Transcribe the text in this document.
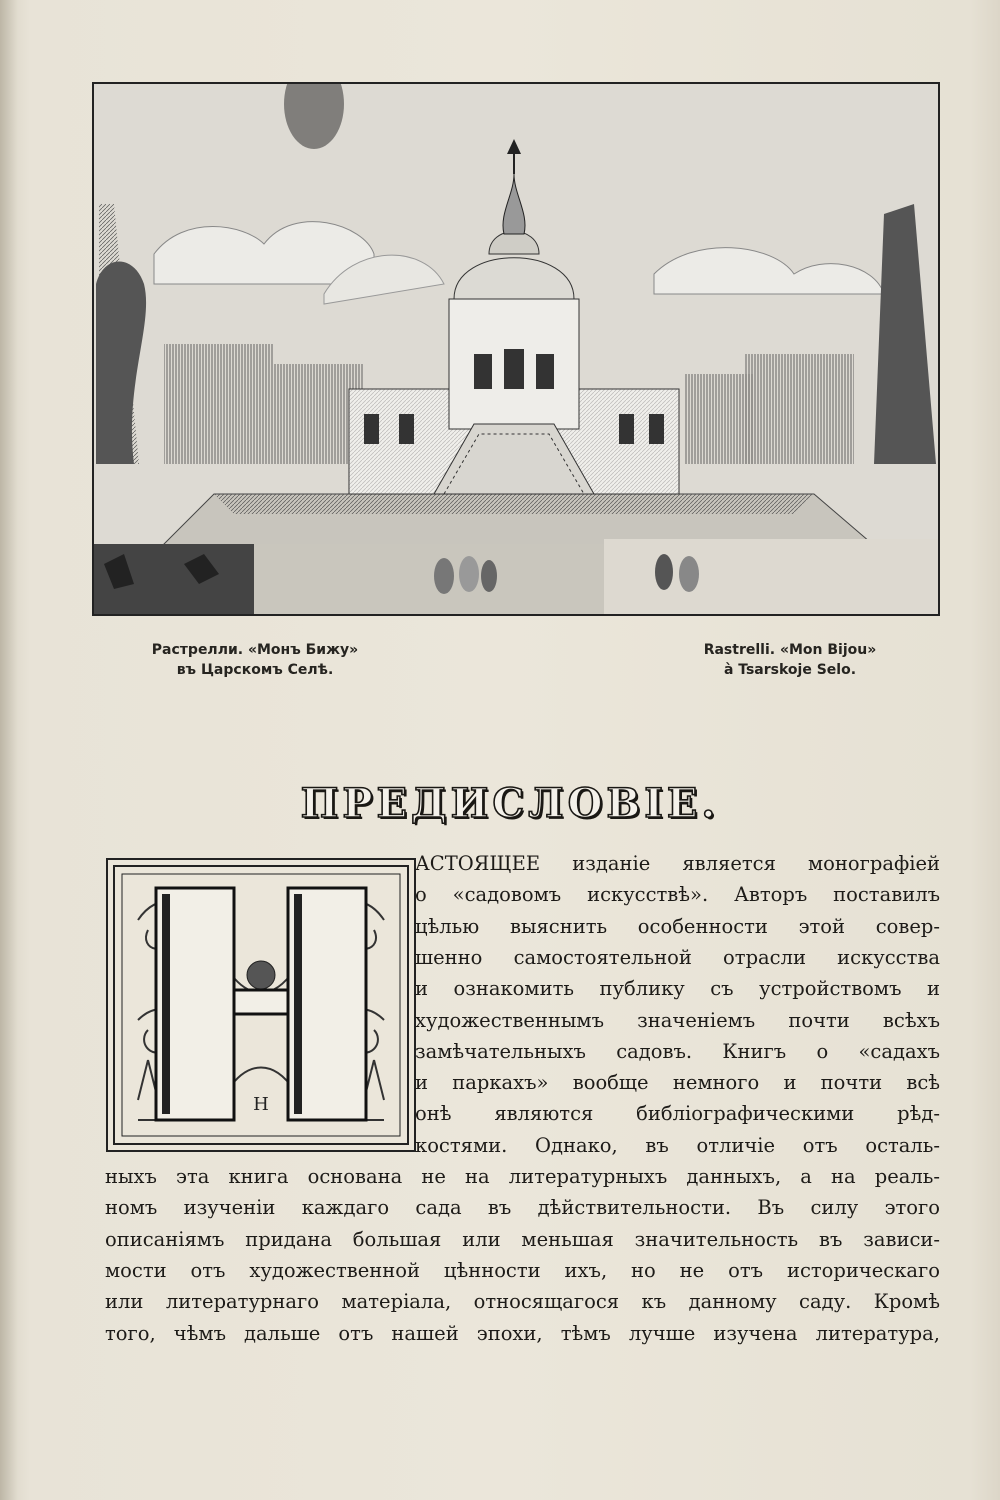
Растрелли. «Монъ Бижу»
въ Царскомъ Селѣ.
Rastrelli. «Mon Bijou»
à Tsarskoje Selo.
ПРЕДИСЛОВІЕ.
Н
АСТОЯЩЕЕ изданіе является монографіей
о «садовомъ искусствѣ». Авторъ поставилъ
цѣлью выяснить особенности этой совер-
шенно самостоятельной отрасли искусства
и ознакомить публику съ устройствомъ и
художественнымъ значеніемъ почти всѣхъ
замѣчательныхъ садовъ. Книгъ о «садахъ
и паркахъ» вообще немного и почти всѣ
онѣ являются библіографическими рѣд-
костями. Однако, въ отличіе отъ осталь-
ныхъ эта книга основана не на литературныхъ данныхъ, а на реаль-
номъ изученіи каждаго сада въ дѣйствительности. Въ силу этого
описаніямъ придана большая или меньшая значительность въ зависи-
мости отъ художественной цѣнности ихъ, но не отъ историческаго
или литературнаго матеріала, относящагося къ данному саду. Кромѣ
того, чѣмъ дальше отъ нашей эпохи, тѣмъ лучше изучена литература,
